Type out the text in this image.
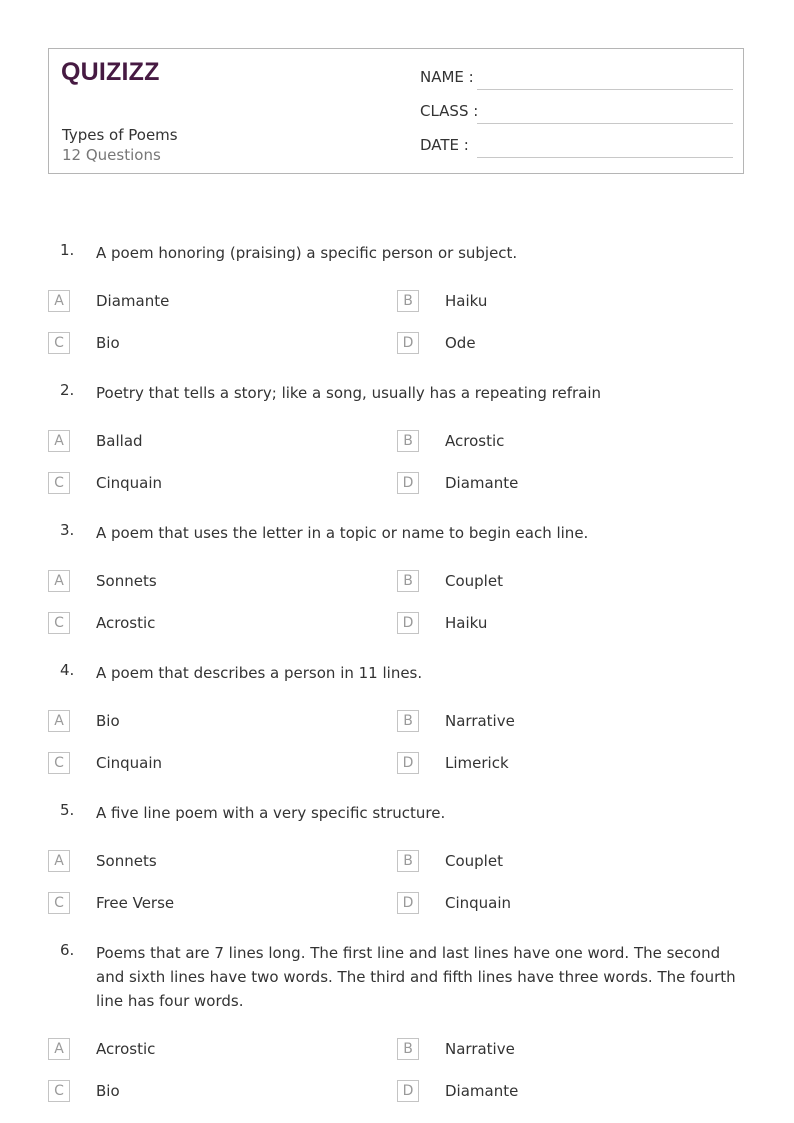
QUIZIZZ
Types of Poems
12 Questions
NAME :
CLASS :
DATE :
1. A poem honoring (praising) a specific person or subject.
A	Diamante	B	Haiku
C	Bio	D	Ode
2. Poetry that tells a story; like a song, usually has a repeating refrain
A	Ballad	B	Acrostic
C	Cinquain	D	Diamante
3. A poem that uses the letter in a topic or name to begin each line.
A	Sonnets	B	Couplet
C	Acrostic	D	Haiku
4. A poem that describes a person in 11 lines.
A	Bio	B	Narrative
C	Cinquain	D	Limerick
5. A five line poem with a very specific structure.
A	Sonnets	B	Couplet
C	Free Verse	D	Cinquain
6. Poems that are 7 lines long. The first line and last lines have one word. The second and sixth lines have two words. The third and fifth lines have three words. The fourth line has four words.
A	Acrostic	B	Narrative
C	Bio	D	Diamante
